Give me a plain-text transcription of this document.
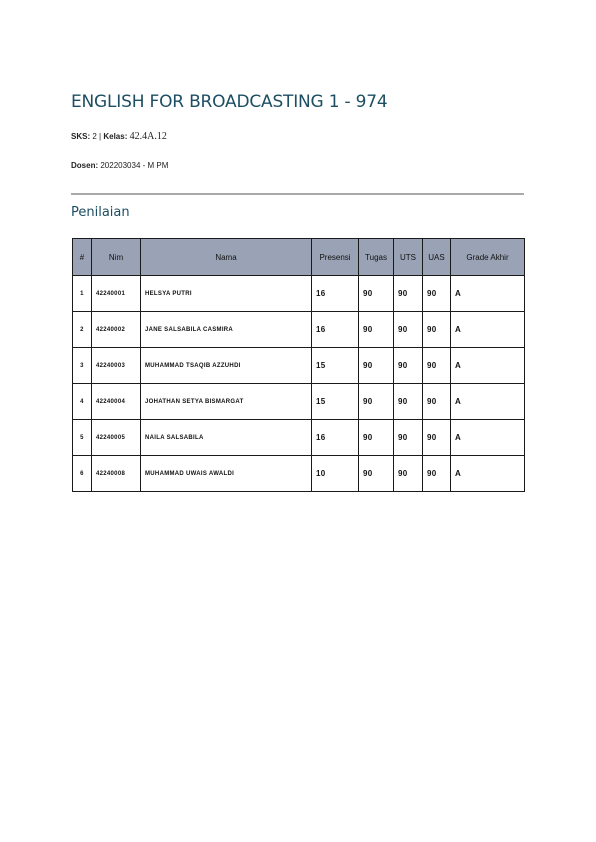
ENGLISH FOR BROADCASTING 1 - 974
SKS: 2 | Kelas: 42.4A.12
Dosen: 202203034 - M PM
Penilaian
#	Nim	Nama	Presensi	Tugas	UTS	UAS	Grade Akhir
1	42240001	HELSYA PUTRI	16	90	90	90	A
2	42240002	JANE SALSABILA CASMIRA	16	90	90	90	A
3	42240003	MUHAMMAD TSAQIB AZZUHDI	15	90	90	90	A
4	42240004	JOHATHAN SETYA BISMARGAT	15	90	90	90	A
5	42240005	NAILA SALSABILA	16	90	90	90	A
6	42240008	MUHAMMAD UWAIS AWALDI	10	90	90	90	A
